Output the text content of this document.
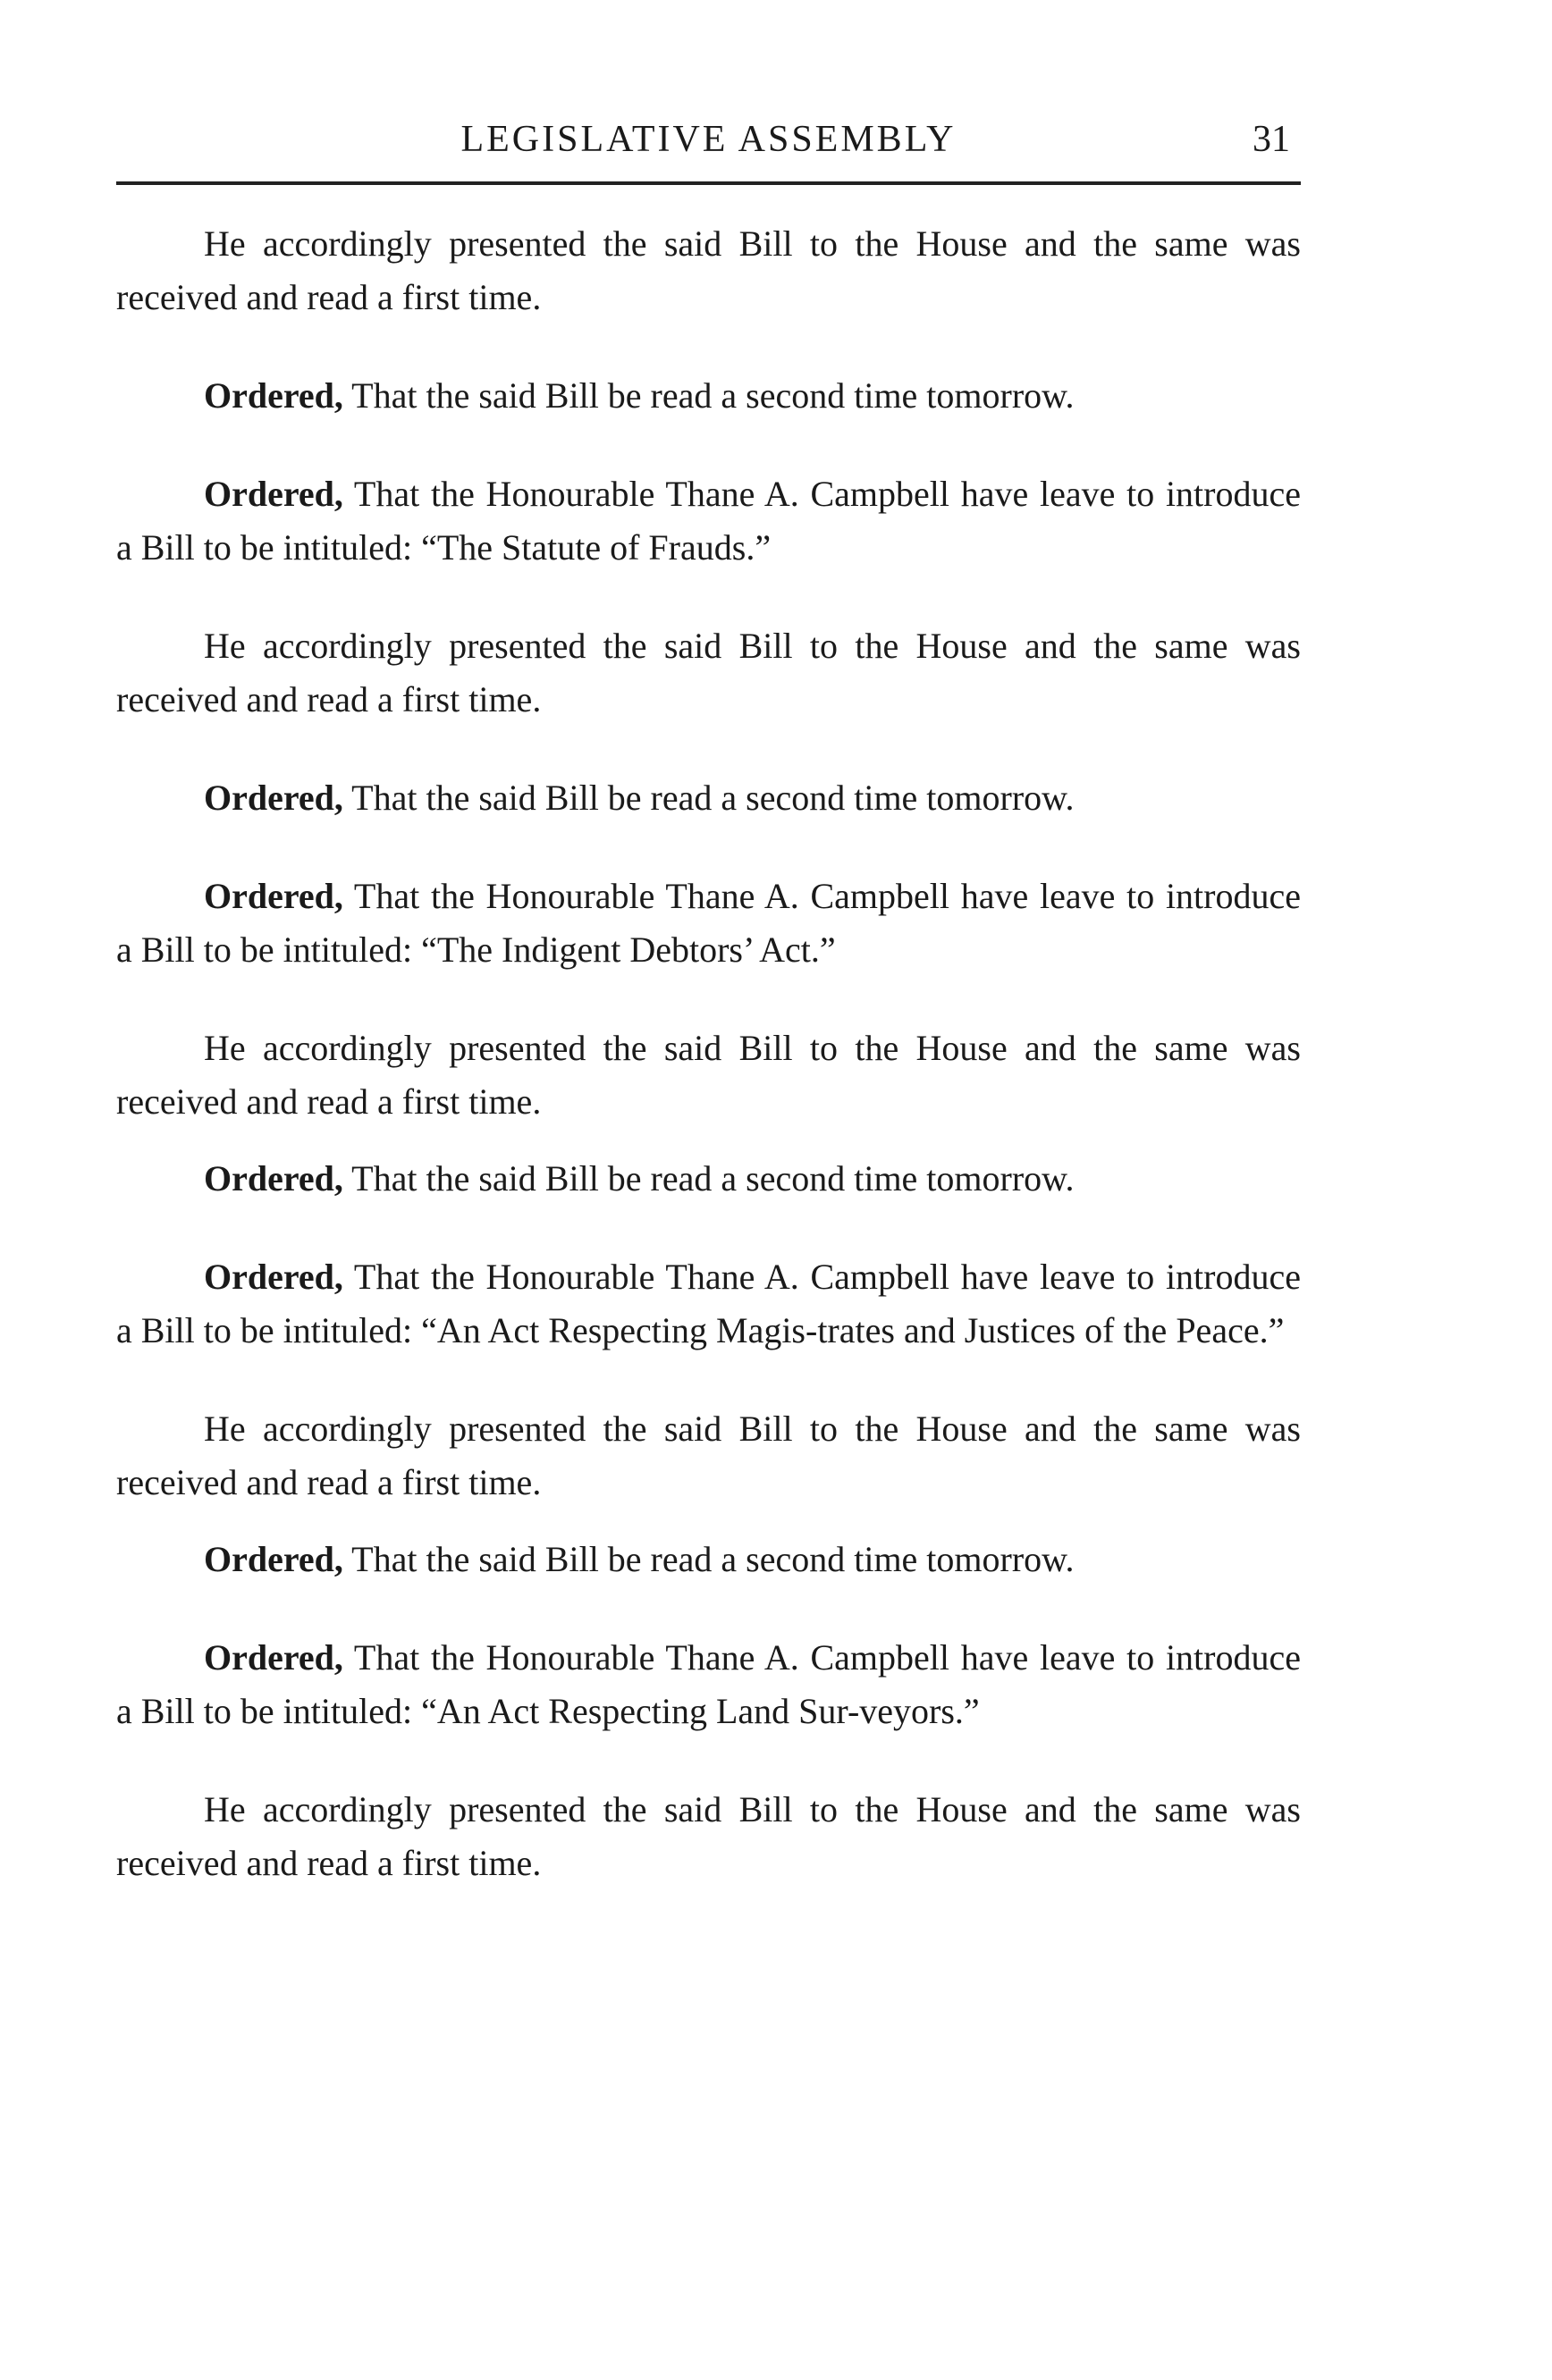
LEGISLATIVE ASSEMBLY	31

He accordingly presented the said Bill to the House and the same was received and read a first time.

Ordered, That the said Bill be read a second time tomorrow.

Ordered, That the Honourable Thane A. Campbell have leave to introduce a Bill to be intituled: “The Statute of Frauds.”

He accordingly presented the said Bill to the House and the same was received and read a first time.

Ordered, That the said Bill be read a second time tomorrow.

Ordered, That the Honourable Thane A. Campbell have leave to introduce a Bill to be intituled: “The Indigent Debtors’ Act.”

He accordingly presented the said Bill to the House and the same was received and read a first time.

Ordered, That the said Bill be read a second time tomorrow.

Ordered, That the Honourable Thane A. Campbell have leave to introduce a Bill to be intituled: “An Act Respecting Magis-trates and Justices of the Peace.”

He accordingly presented the said Bill to the House and the same was received and read a first time.

Ordered, That the said Bill be read a second time tomorrow.

Ordered, That the Honourable Thane A. Campbell have leave to introduce a Bill to be intituled: “An Act Respecting Land Sur-veyors.”

He accordingly presented the said Bill to the House and the same was received and read a first time.
